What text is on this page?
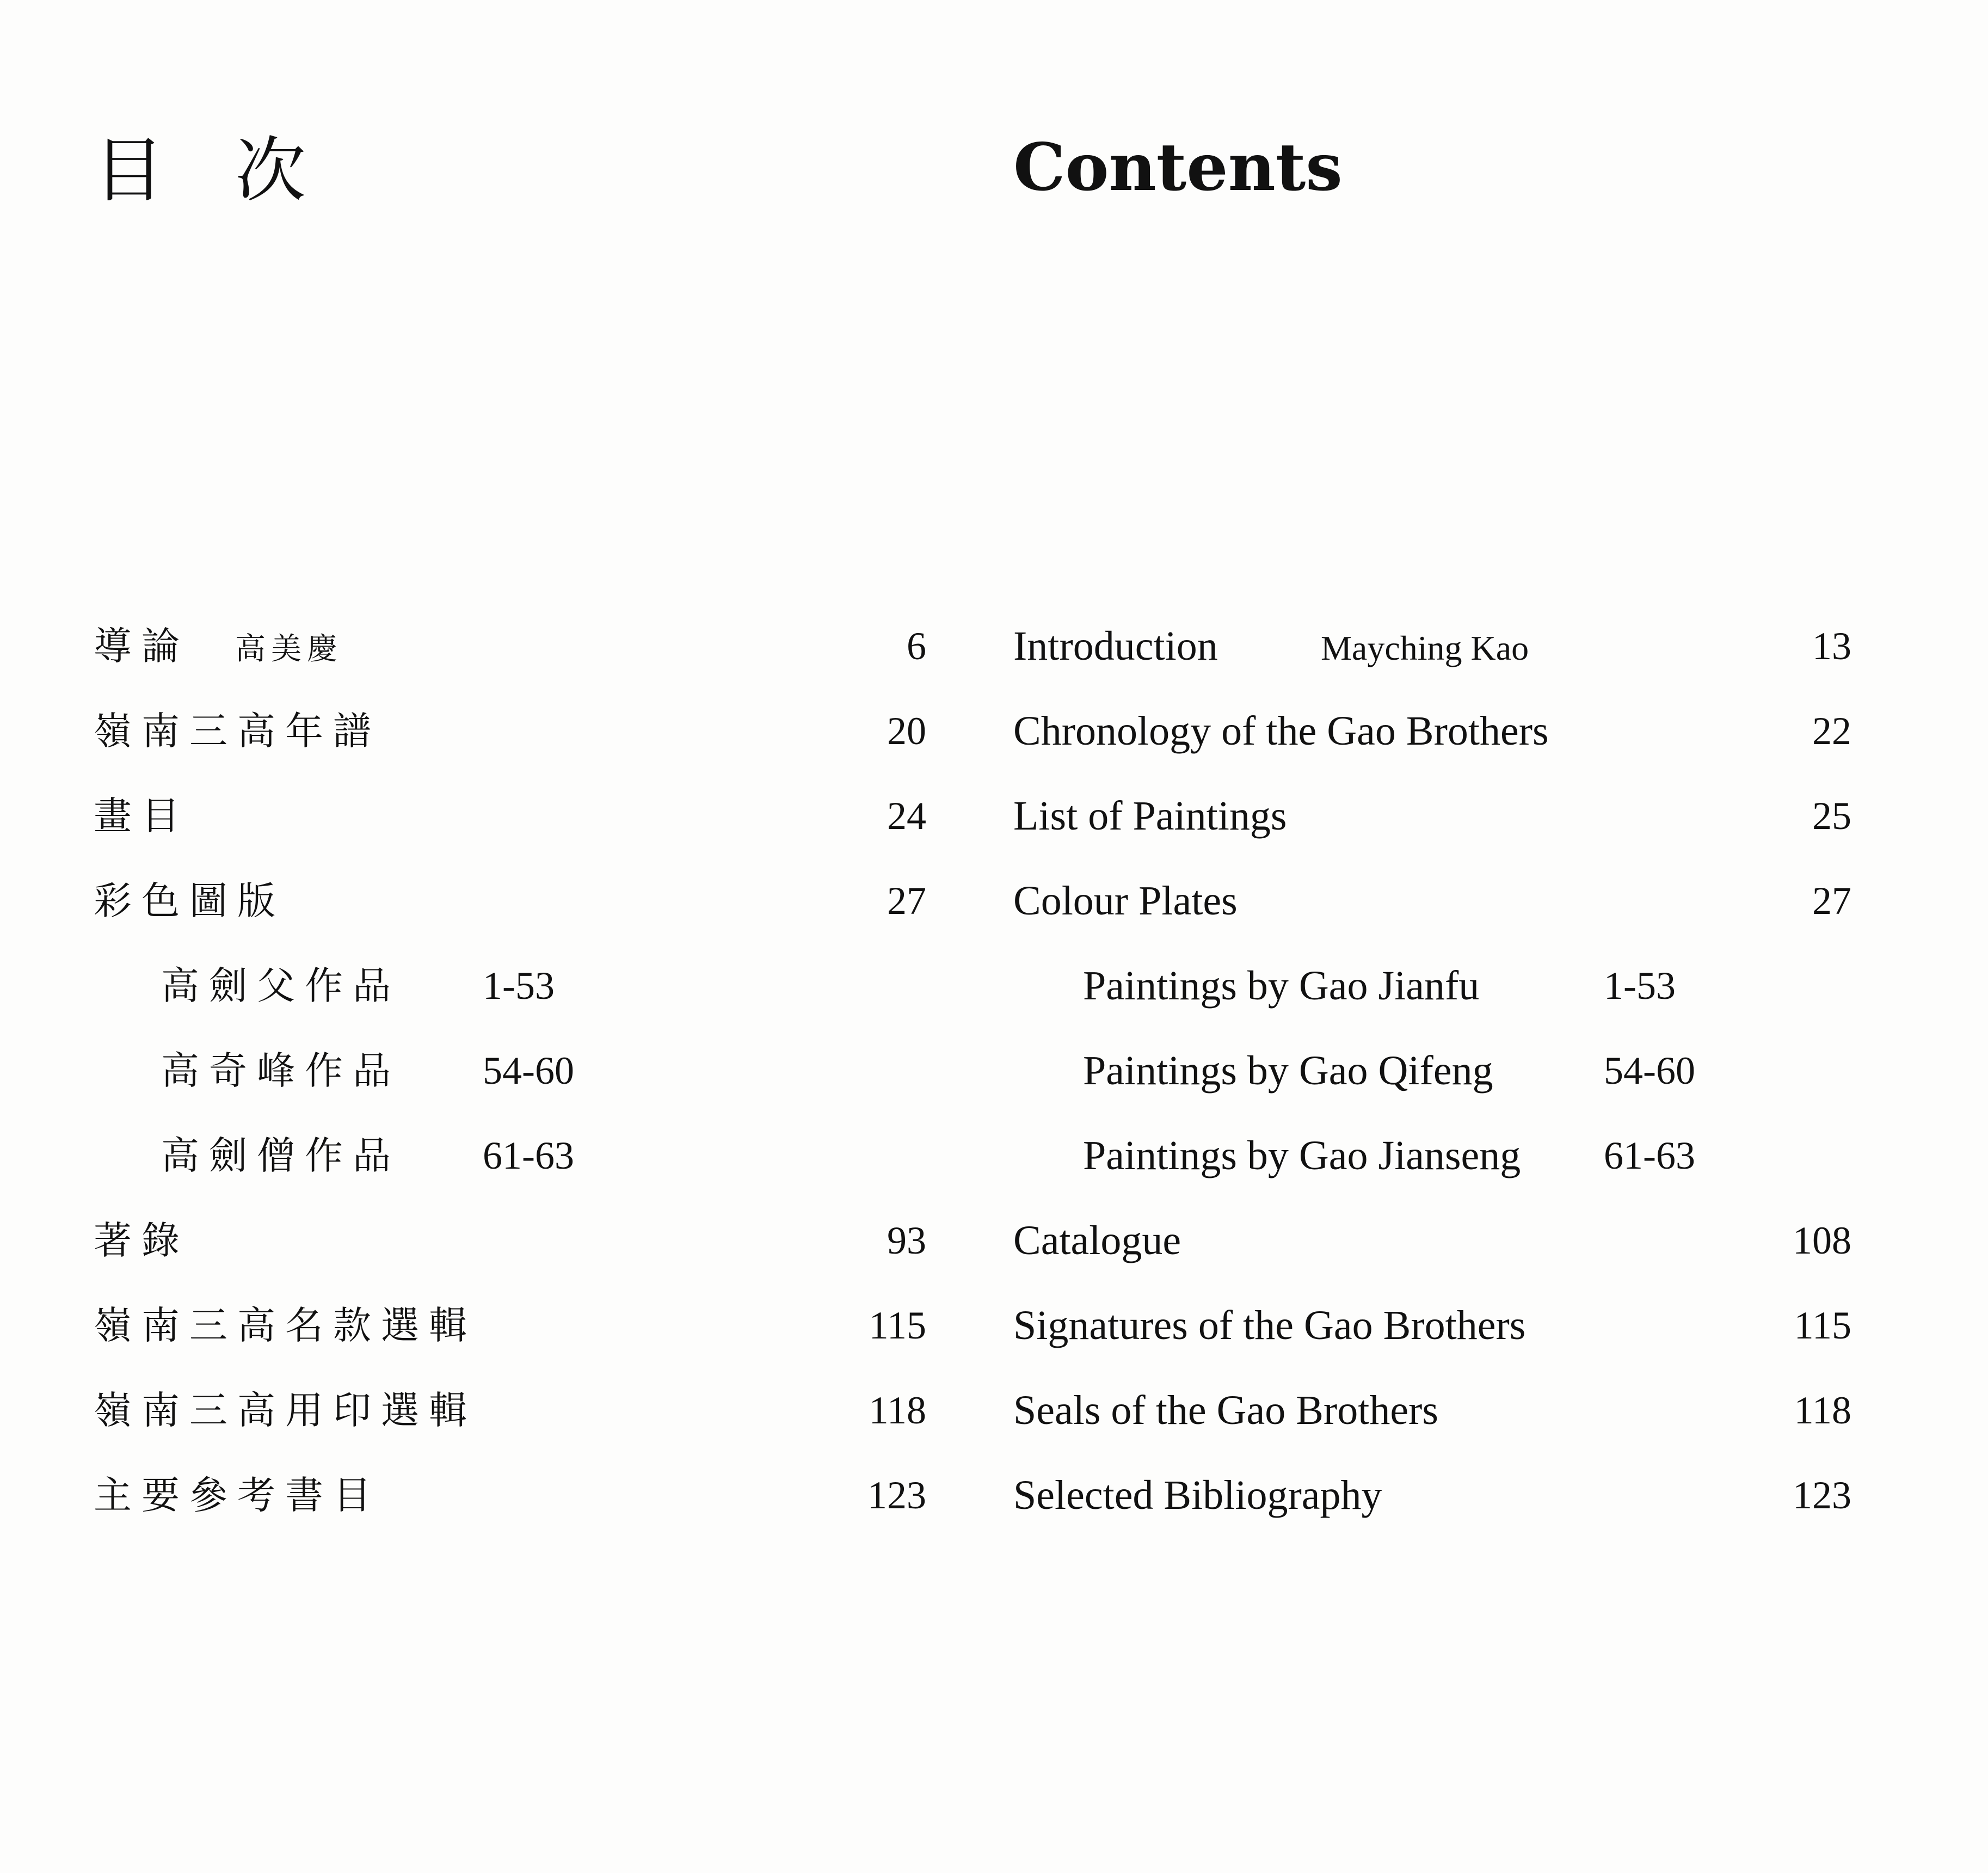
目次	Contents
導論 高美慶	6
嶺南三高年譜	20
畫目	24
彩色圖版	27
高劍父作品 1-53
高奇峰作品 54-60
高劍僧作品 61-63
著錄	93
嶺南三高名款選輯	115
嶺南三高用印選輯	118
主要參考書目	123
Introduction	Mayching Kao	13
Chronology of the Gao Brothers	22
List of Paintings	25
Colour Plates	27
Paintings by Gao Jianfu	1-53
Paintings by Gao Qifeng	54-60
Paintings by Gao Jianseng 61-63
Catalogue	108
Signatures of the Gao Brothers	115
Seals of the Gao Brothers	118
Selected Bibliography	123
